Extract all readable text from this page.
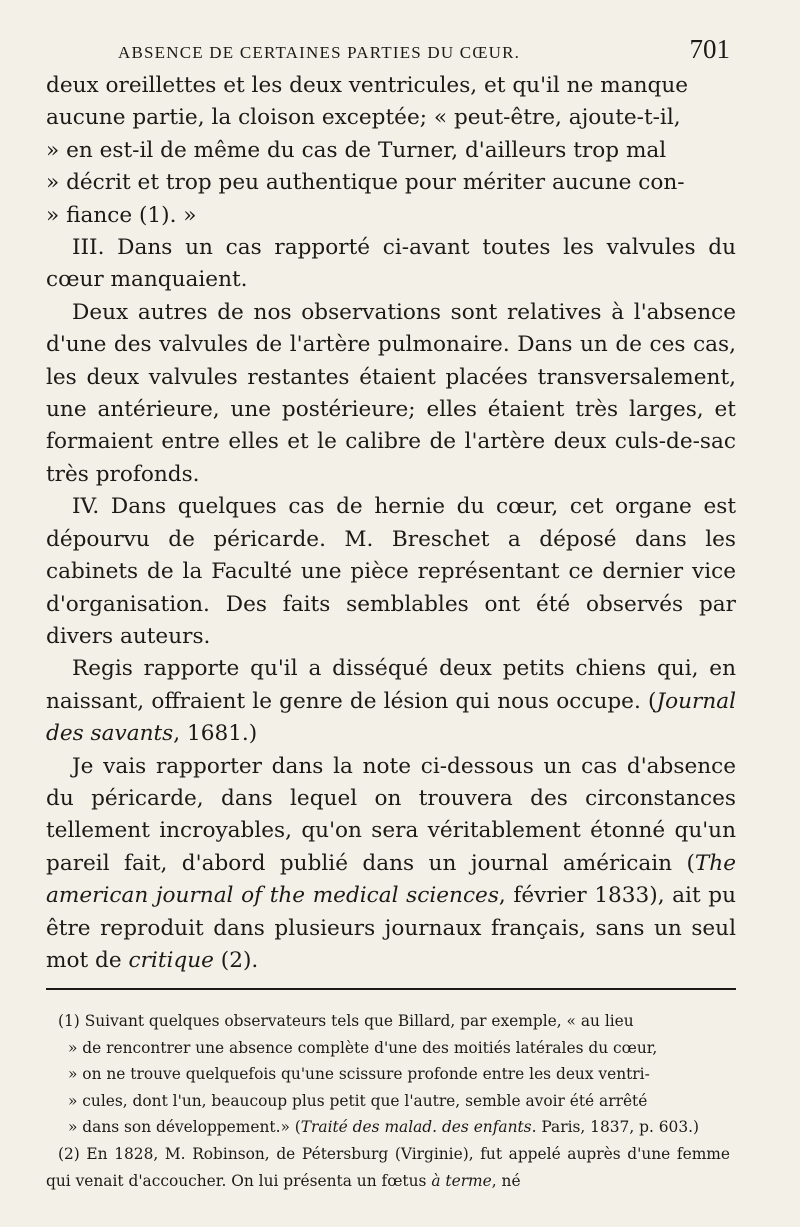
ABSENCE DE CERTAINES PARTIES DU CŒUR.	701

deux oreillettes et les deux ventricules, et qu'il ne manque
aucune partie, la cloison exceptée; « peut-être, ajoute-t-il,
» en est-il de même du cas de Turner, d'ailleurs trop mal
» décrit et trop peu authentique pour mériter aucune con-
» fiance (1). »

III. Dans un cas rapporté ci-avant toutes les valvules du cœur manquaient.

Deux autres de nos observations sont relatives à l'absence d'une des valvules de l'artère pulmonaire. Dans un de ces cas, les deux valvules restantes étaient placées transversalement, une antérieure, une postérieure; elles étaient très larges, et formaient entre elles et le calibre de l'artère deux culs-de-sac très profonds.

IV. Dans quelques cas de hernie du cœur, cet organe est dépourvu de péricarde. M. Breschet a déposé dans les cabinets de la Faculté une pièce représentant ce dernier vice d'organisation. Des faits semblables ont été observés par divers auteurs.

Regis rapporte qu'il a disséqué deux petits chiens qui, en naissant, offraient le genre de lésion qui nous occupe. (Journal des savants, 1681.)

Je vais rapporter dans la note ci-dessous un cas d'absence du péricarde, dans lequel on trouvera des circonstances tellement incroyables, qu'on sera véritablement étonné qu'un pareil fait, d'abord publié dans un journal américain (The american journal of the medical sciences, février 1833), ait pu être reproduit dans plusieurs journaux français, sans un seul mot de critique (2).

(1) Suivant quelques observateurs tels que Billard, par exemple, « au lieu
» de rencontrer une absence complète d'une des moitiés latérales du cœur,
» on ne trouve quelquefois qu'une scissure profonde entre les deux ventri-
» cules, dont l'un, beaucoup plus petit que l'autre, semble avoir été arrêté
» dans son développement.» (Traité des malad. des enfants. Paris, 1837, p. 603.)

(2) En 1828, M. Robinson, de Pétersburg (Virginie), fut appelé auprès d'une femme qui venait d'accoucher. On lui présenta un fœtus à terme, né
